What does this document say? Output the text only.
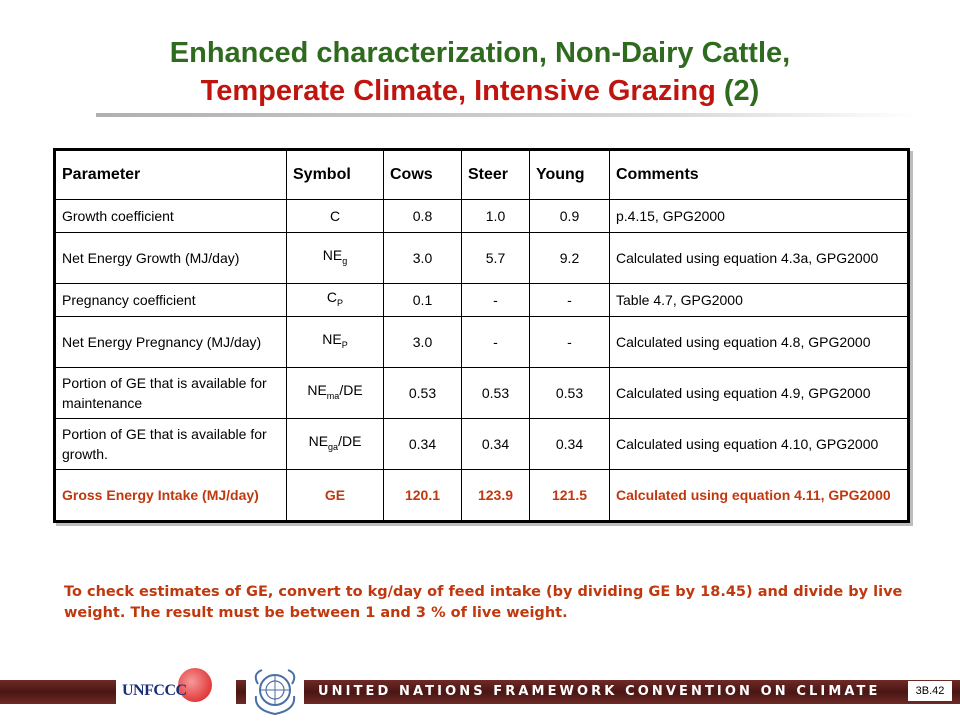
Enhanced characterization, Non-Dairy Cattle,
Temperate Climate, Intensive Grazing (2)
Parameter	Symbol	Cows	Steer	Young	Comments
Growth coefficient	C	0.8	1.0	0.9	p.4.15, GPG2000
Net Energy Growth (MJ/day)	$NE_g$	3.0	5.7	9.2	Calculated using equation 4.3a, GPG2000
Pregnancy coefficient	$C_P$	0.1	-	-	Table 4.7, GPG2000
Net Energy Pregnancy (MJ/day)	$NE_P$	3.0	-	-	Calculated using equation 4.8, GPG2000
Portion of GE that is available for maintenance	$NE_{ma}/DE$	0.53	0.53	0.53	Calculated using equation 4.9, GPG2000
Portion of GE that is available for growth.	$NE_{ga}/DE$	0.34	0.34	0.34	Calculated using equation 4.10, GPG2000
Gross Energy Intake (MJ/day)	GE	120.1	123.9	121.5	Calculated using equation 4.11, GPG2000
To check estimates of GE, convert to kg/day of feed intake (by dividing GE by 18.45) and divide by live weight. The result must be between 1 and 3 % of live weight.
UNFCCC	UNITED NATIONS FRAMEWORK CONVENTION ON CLIMATE CHANGE
3B.42
